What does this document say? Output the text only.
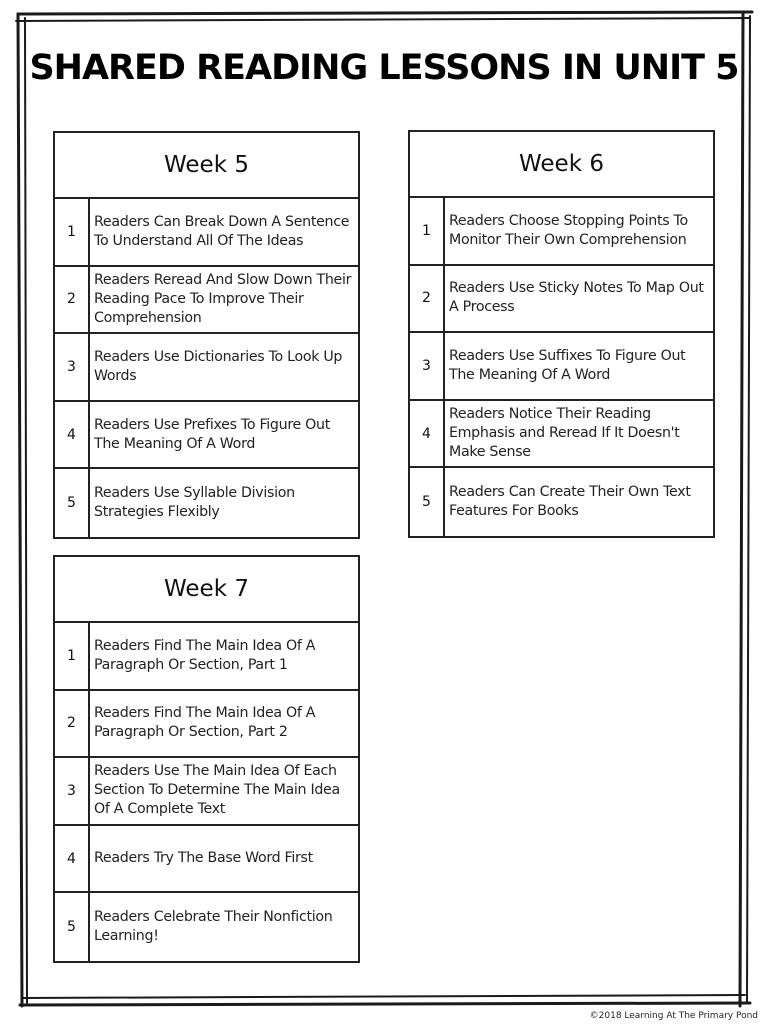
SHARED READING LESSONS IN UNIT 5
Week 5
1
Readers Can Break Down A Sentence To Understand All Of The Ideas
2
Readers Reread And Slow Down Their Reading Pace To Improve Their Comprehension
3
Readers Use Dictionaries To Look Up Words
4
Readers Use Prefixes To Figure Out The Meaning Of A Word
5
Readers Use Syllable Division Strategies Flexibly
Week 6
1
Readers Choose Stopping Points To Monitor Their Own Comprehension
2
Readers Use Sticky Notes To Map Out A Process
3
Readers Use Suffixes To Figure Out The Meaning Of A Word
4
Readers Notice Their Reading Emphasis and Reread If It Doesn't Make Sense
5
Readers Can Create Their Own Text Features For Books
Week 7
1
Readers Find The Main Idea Of A Paragraph Or Section, Part 1
2
Readers Find The Main Idea Of A Paragraph Or Section, Part 2
3
Readers Use The Main Idea Of Each Section To Determine The Main Idea Of A Complete Text
4	Readers Try The Base Word First
5
Readers Celebrate Their Nonfiction Learning!
©2018 Learning At The Primary Pond
